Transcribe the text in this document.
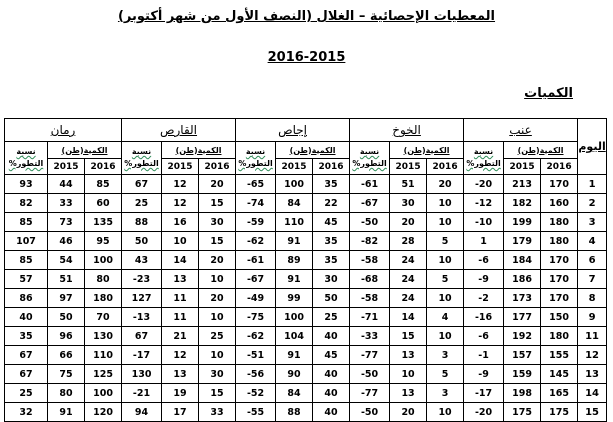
المعطيات الإحصائية – الغلال (النصف الأول من شهر أكتوبر)
2016-2015
الكميات
اليوم	عنب			الخوخ			إجاص			القارص			رمان		
	الكمية(طن)		نسبة
التطور%	الكمية(طن)		نسبة
التطور%	الكمية(طن)		نسبة
التطور%	الكمية(طن)		نسبة
التطور%	الكمية(طن)		نسبة
التطور%
	2016	2015		2016	2015		2016	2015		2016	2015		2016	2015	
1	170	213	20-	20	51	61-	35	100	65-	20	12	67	85	44	93
2	160	182	12-	10	30	67-	22	84	74-	15	12	25	60	33	82
3	180	199	10-	10	20	50-	45	110	59-	30	16	88	135	73	85
4	180	179	1	5	28	82-	35	91	62-	15	10	50	95	46	107
6	170	184	6-	10	24	58-	35	89	61-	20	14	43	100	54	85
7	170	186	9-	5	24	68-	30	91	67-	10	13	23-	80	51	57
8	170	173	2-	10	24	58-	50	99	49-	20	11	127	180	97	86
9	150	177	16-	4	14	71-	25	100	75-	10	11	13-	70	50	40
11	180	192	6-	10	15	33-	40	104	62-	25	21	67	130	96	35
12	155	157	1-	3	13	77-	45	91	51-	10	12	17-	110	66	67
13	145	159	9-	5	10	50-	40	90	56-	30	13	130	125	75	67
14	165	198	17-	3	13	77-	40	84	52-	15	19	21-	100	80	25
15	175	175	20-	10	20	50-	40	88	55-	33	17	94	120	91	32
